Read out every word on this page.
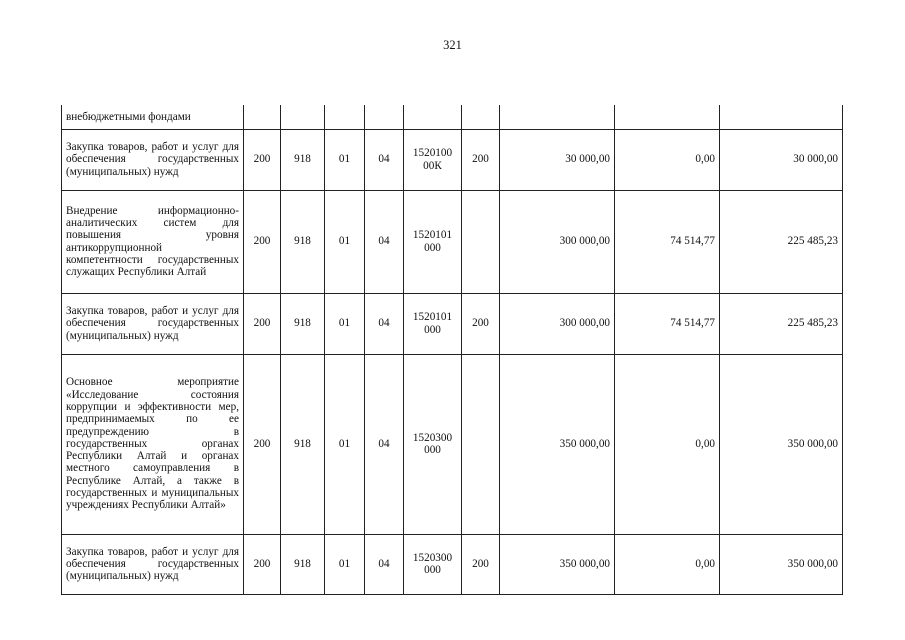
321
внебюджетными фондами									
Закупка товаров, работ и услуг для обеспечения государственных (муниципальных) нужд	200	918	01	04	1520100 00К	200	30 000,00	0,00	30 000,00
Внедрение информационно-аналитических систем для повышения уровня антикоррупционной компетентности государственных служащих Республики Алтай	200	918	01	04	1520101 000		300 000,00	74 514,77	225 485,23
Закупка товаров, работ и услуг для обеспечения государственных (муниципальных) нужд	200	918	01	04	1520101 000	200	300 000,00	74 514,77	225 485,23
Основное мероприятие «Исследование состояния коррупции и эффективности мер, предпринимаемых по ее предупреждению в государственных органах Республики Алтай и органах местного самоуправления в Республике Алтай, а также в государственных и муниципальных учреждениях Республики Алтай»	200	918	01	04	1520300 000		350 000,00	0,00	350 000,00
Закупка товаров, работ и услуг для обеспечения государственных (муниципальных) нужд	200	918	01	04	1520300 000	200	350 000,00	0,00	350 000,00
